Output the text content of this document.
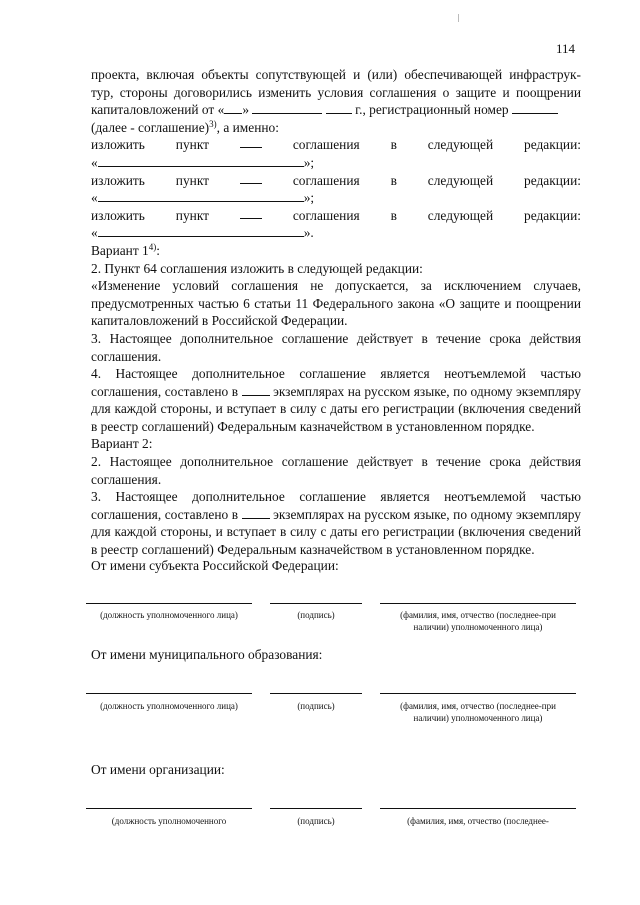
114

проекта, включая объекты сопутствующей и (или) обеспечивающей инфраструк-

тур, стороны договорились изменить условия соглашения о защите и поощрении

капиталовложений от « »	г., регистрационный номер

(далее - соглашение)$^{3)}$, а именно:

изложить пункт	соглашения в следующей редакции:

«	»;

изложить пункт	соглашения в следующей редакции:

«	»;

изложить пункт	соглашения в следующей редакции:

«	».

Вариант 1$^{4)}$:

2. Пункт 64 соглашения изложить в следующей редакции:

«Изменение условий соглашения не допускается, за исключением случаев, предусмотренных частью 6 статьи 11 Федерального закона «О защите и поощрении капиталовложений в Российской Федерации.

3. Настоящее дополнительное соглашение действует в течение срока действия соглашения.

4. Настоящее дополнительное соглашение является неотъемлемой частью соглашения, составлено в	экземплярах на русском языке, по одному экземпляру для каждой стороны, и вступает в силу с даты его регистрации (включения сведений в реестр соглашений) Федеральным казначейством в установленном порядке.

Вариант 2:

2. Настоящее дополнительное соглашение действует в течение срока действия соглашения.

3. Настоящее дополнительное соглашение является неотъемлемой частью соглашения, составлено в	экземплярах на русском языке, по одному экземпляру для каждой стороны, и вступает в силу с даты его регистрации (включения сведений в реестр соглашений) Федеральным казначейством в установленном порядке.

От имени субъекта Российской Федерации:
(должность уполномоченного лица)	(подпись)	(фамилия, имя, отчество (последнее-при наличии) уполномоченного лица)
От имени муниципального образования:
(должность уполномоченного лица)	(подпись)	(фамилия, имя, отчество (последнее-при наличии) уполномоченного лица)
От имени организации:
(должность уполномоченного	(подпись)	(фамилия, имя, отчество (последнее-
